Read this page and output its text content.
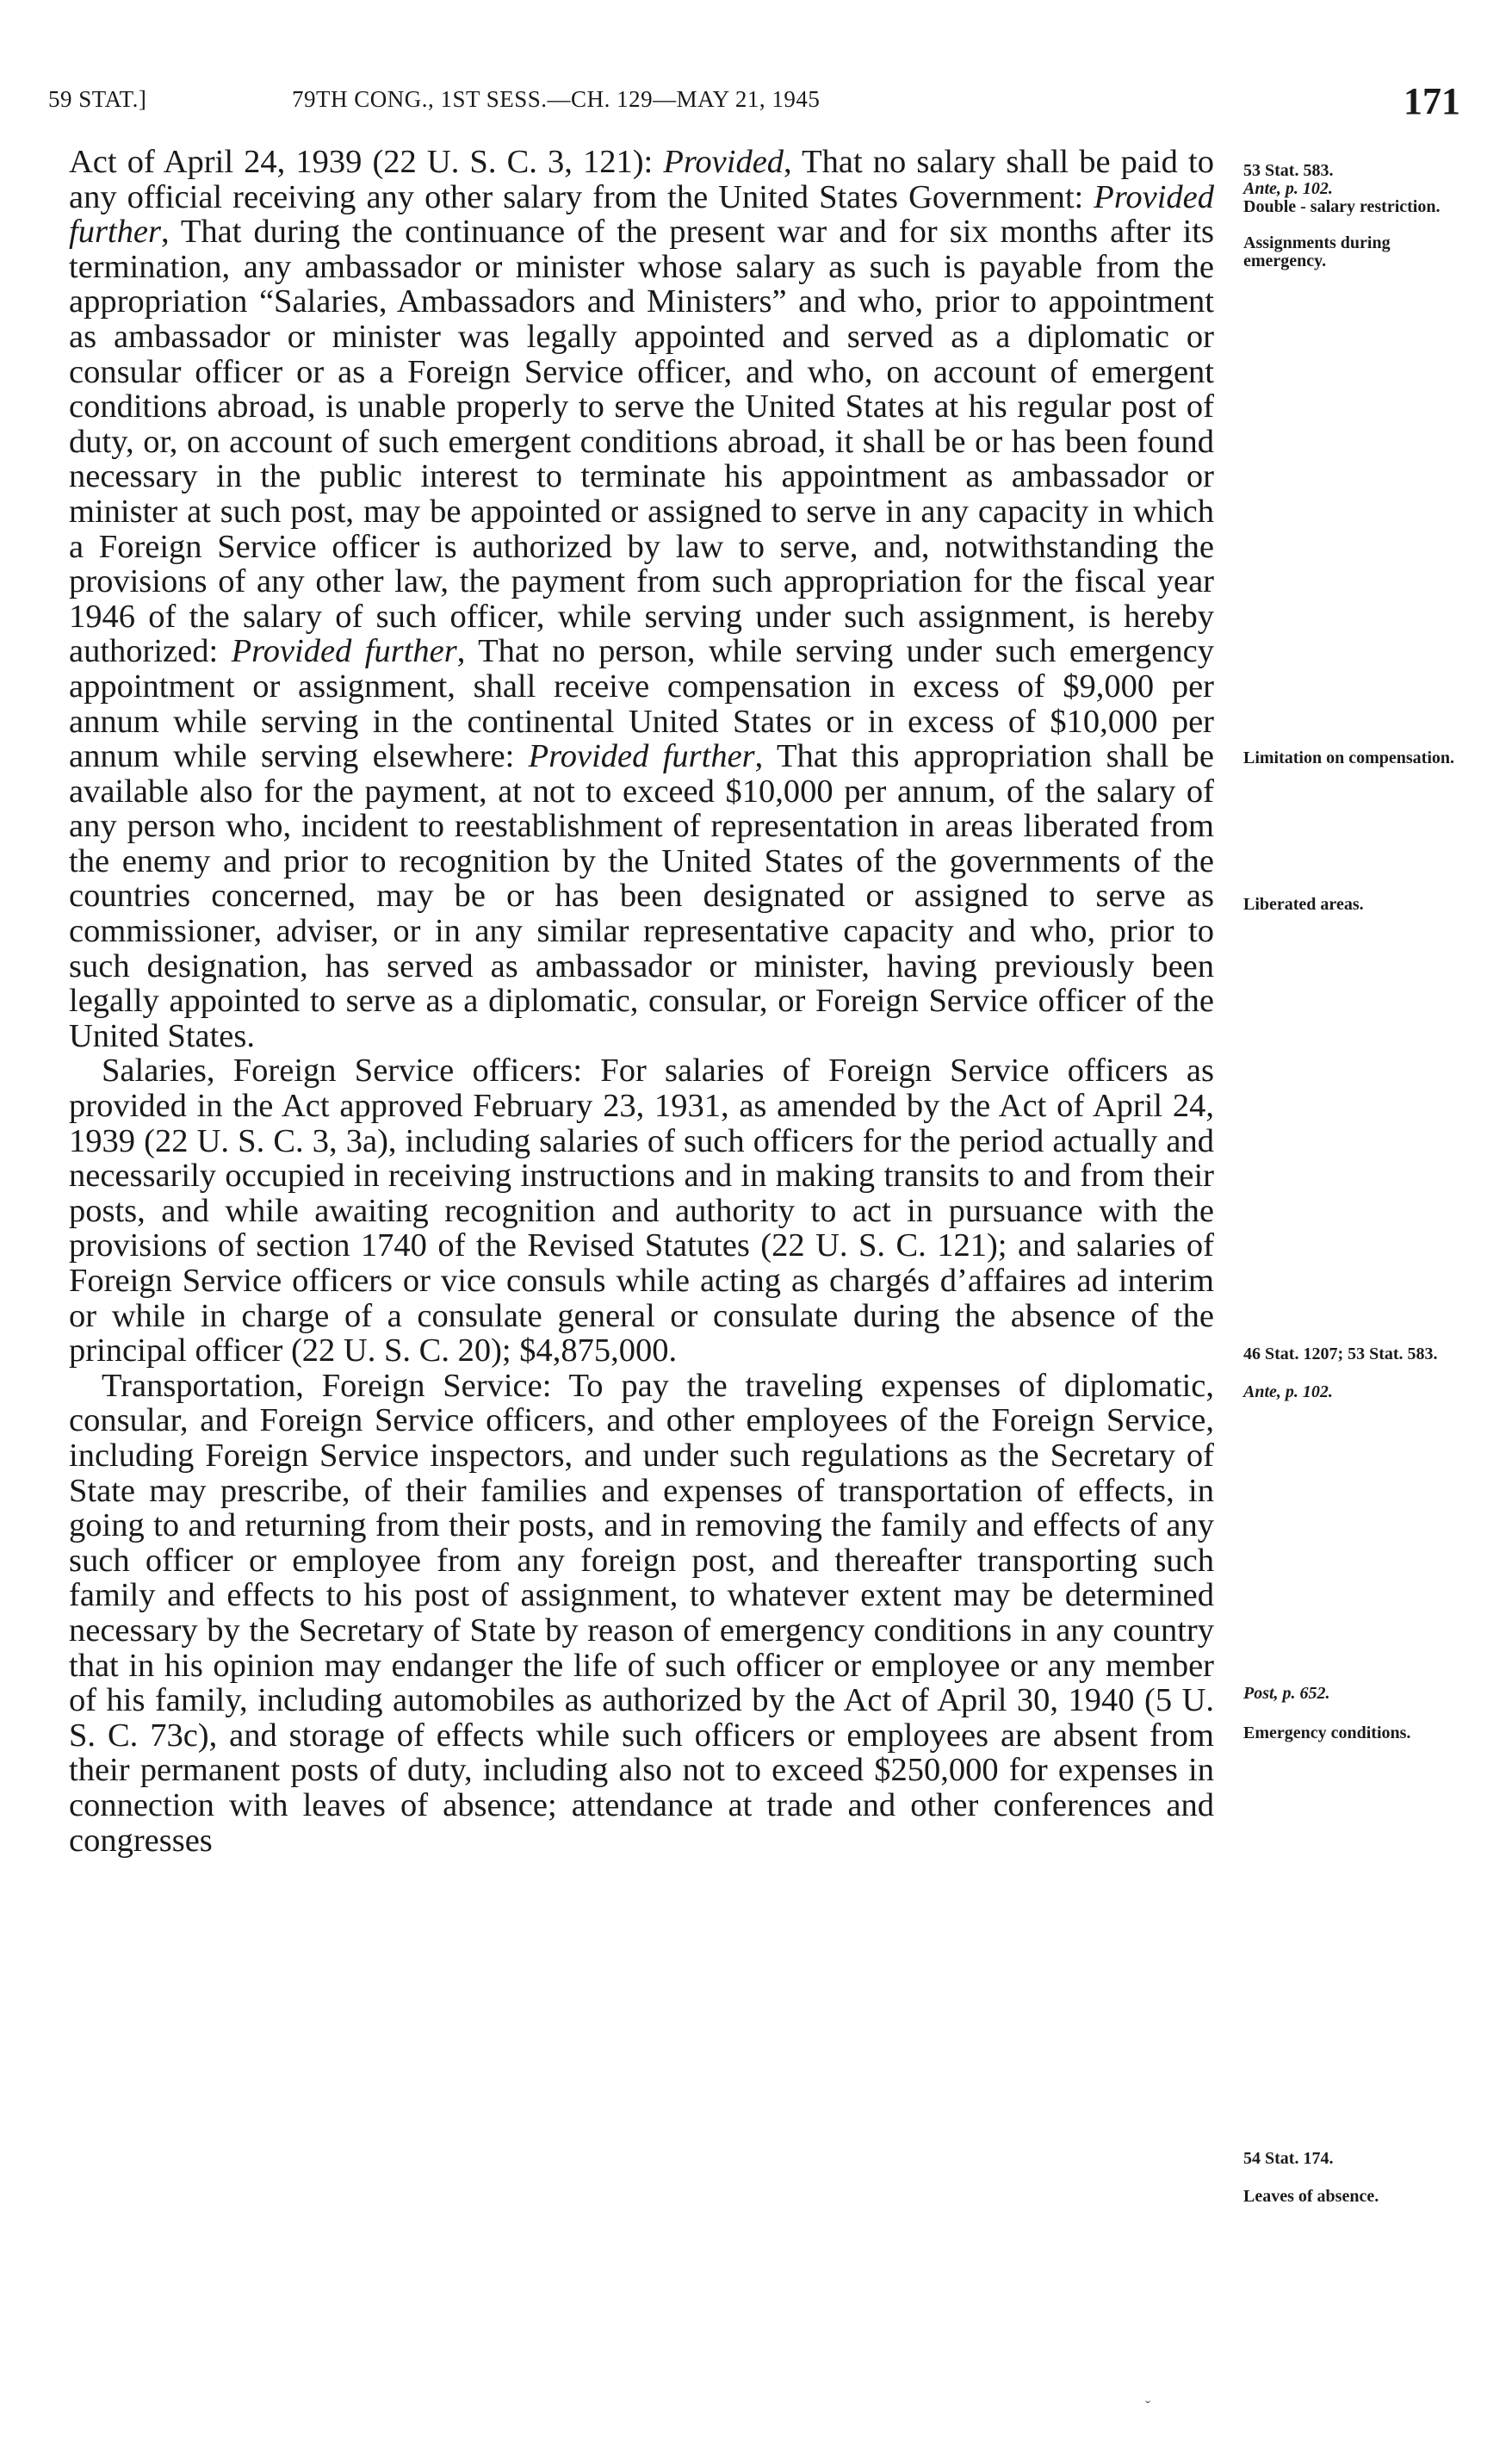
59 STAT.]	79TH CONG., 1ST SESS.—CH. 129—MAY 21, 1945	171

Act of April 24, 1939 (22 U. S. C. 3, 121): Provided, That no salary shall be paid to any official receiving any other salary from the United States Government: Provided further, That during the continuance of the present war and for six months after its termination, any ambassador or minister whose salary as such is payable from the appropriation “Salaries, Ambassadors and Ministers” and who, prior to appointment as ambassador or minister was legally appointed and served as a diplomatic or consular officer or as a Foreign Service officer, and who, on account of emergent conditions abroad, is unable properly to serve the United States at his regular post of duty, or, on account of such emergent conditions abroad, it shall be or has been found necessary in the public interest to terminate his appointment as ambassador or minister at such post, may be appointed or assigned to serve in any capacity in which a Foreign Service officer is authorized by law to serve, and, notwithstanding the provisions of any other law, the payment from such appropriation for the fiscal year 1946 of the salary of such officer, while serving under such assignment, is hereby authorized: Provided further, That no person, while serving under such emergency appointment or assignment, shall receive compensation in excess of $9,000 per annum while serving in the continental United States or in excess of $10,000 per annum while serving elsewhere: Provided further, That this appropriation shall be available also for the payment, at not to exceed $10,000 per annum, of the salary of any person who, incident to reestablishment of representation in areas liberated from the enemy and prior to recognition by the United States of the governments of the countries concerned, may be or has been designated or assigned to serve as commissioner, adviser, or in any similar representative capacity and who, prior to such designation, has served as ambassador or minister, having previously been legally appointed to serve as a diplomatic, consular, or Foreign Service officer of the United States.

Salaries, Foreign Service officers: For salaries of Foreign Service officers as provided in the Act approved February 23, 1931, as amended by the Act of April 24, 1939 (22 U. S. C. 3, 3a), including salaries of such officers for the period actually and necessarily occupied in receiving instructions and in making transits to and from their posts, and while awaiting recognition and authority to act in pursuance with the provisions of section 1740 of the Revised Statutes (22 U. S. C. 121); and salaries of Foreign Service officers or vice consuls while acting as chargés d’affaires ad interim or while in charge of a consulate general or consulate during the absence of the principal officer (22 U. S. C. 20); $4,875,000.

Transportation, Foreign Service: To pay the traveling expenses of diplomatic, consular, and Foreign Service officers, and other employees of the Foreign Service, including Foreign Service inspectors, and under such regulations as the Secretary of State may prescribe, of their families and expenses of transportation of effects, in going to and returning from their posts, and in removing the family and effects of any such officer or employee from any foreign post, and thereafter transporting such family and effects to his post of assignment, to whatever extent may be determined necessary by the Secretary of State by reason of emergency conditions in any country that in his opinion may endanger the life of such officer or employee or any member of his family, including automobiles as authorized by the Act of April 30, 1940 (5 U. S. C. 73c), and storage of effects while such officers or employees are absent from their permanent posts of duty, including also not to exceed $250,000 for expenses in connection with leaves of absence; attendance at trade and other conferences and congresses

53 Stat. 583.
Ante, p. 102.
Double - salary restriction.
Assignments during emergency.
Limitation on compensation.
Liberated areas.
46 Stat. 1207; 53 Stat. 583.
Ante, p. 102.
Post, p. 652.
Emergency conditions.
54 Stat. 174.
Leaves of absence.
ˇ
